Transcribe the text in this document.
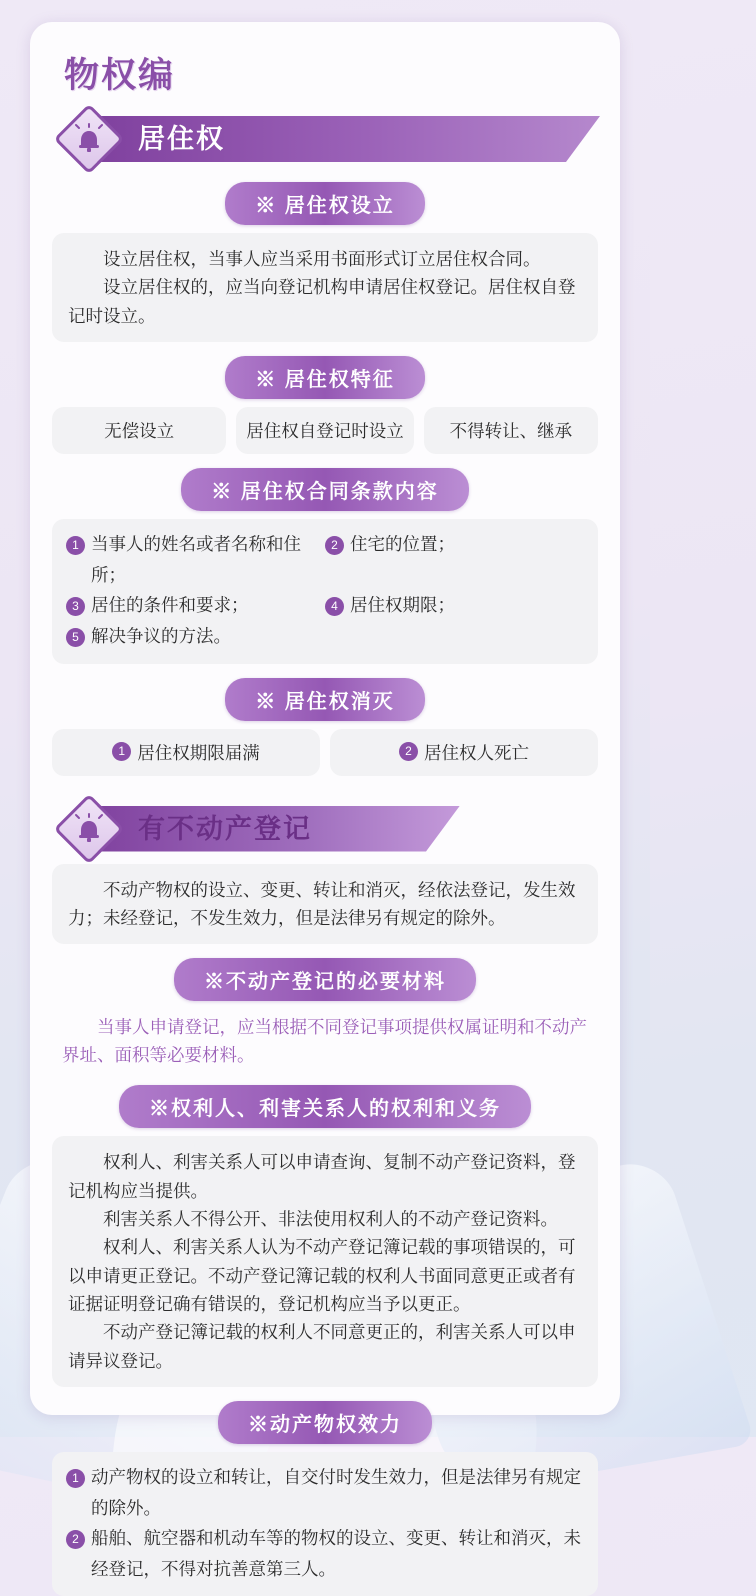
物权编
居住权
※ 居住权设立

设立居住权，当事人应当采用书面形式订立居住权合同。

设立居住权的，应当向登记机构申请居住权登记。居住权自登记时设立。

※ 居住权特征
无偿设立	居住权自登记时设立	不得转让、继承
※ 居住权合同条款内容
1 当事人的姓名或者名称和住所；
2 住宅的位置；
3 居住的条件和要求；	4 居住权期限；
5 解决争议的方法。
※ 居住权消灭
1 居住权期限届满	2 居住权人死亡
有不动产登记

不动产物权的设立、变更、转让和消灭，经依法登记，发生效力；未经登记，不发生效力，但是法律另有规定的除外。

※不动产登记的必要材料

当事人申请登记，应当根据不同登记事项提供权属证明和不动产界址、面积等必要材料。

※权利人、利害关系人的权利和义务

权利人、利害关系人可以申请查询、复制不动产登记资料，登记机构应当提供。

利害关系人不得公开、非法使用权利人的不动产登记资料。

权利人、利害关系人认为不动产登记簿记载的事项错误的，可以申请更正登记。不动产登记簿记载的权利人书面同意更正或者有证据证明登记确有错误的，登记机构应当予以更正。

不动产登记簿记载的权利人不同意更正的，利害关系人可以申请异议登记。

※动产物权效力
1 动产物权的设立和转让，自交付时发生效力，但是法律另有规定的除外。
2 船舶、航空器和机动车等的物权的设立、变更、转让和消灭，未经登记，不得对抗善意第三人。
